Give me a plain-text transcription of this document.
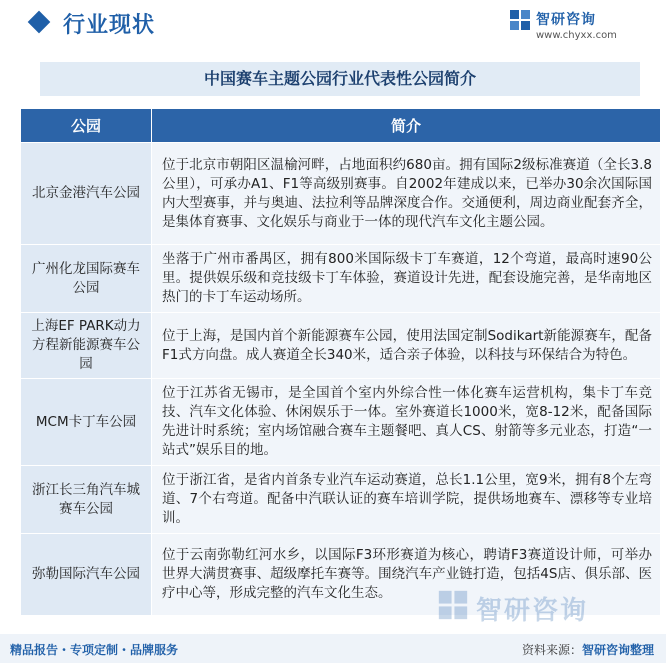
行业现状	智研咨询
www.chyxx.com
中国赛车主题公园行业代表性公园简介
公园	简介
北京金港汽车公园	位于北京市朝阳区温榆河畔，占地面积约680亩。拥有国际2级标准赛道（全长3.8公里），可承办A1、F1等高级别赛事。自2002年建成以来，已举办30余次国际国内大型赛事，并与奥迪、法拉利等品牌深度合作。交通便利，周边商业配套齐全，是集体育赛事、文化娱乐与商业于一体的现代汽车文化主题公园。
广州化龙国际赛车公园	坐落于广州市番禺区，拥有800米国际级卡丁车赛道，12个弯道，最高时速90公里。提供娱乐级和竞技级卡丁车体验，赛道设计先进，配套设施完善，是华南地区热门的卡丁车运动场所。
上海EF PARK动力方程新能源赛车公园	位于上海，是国内首个新能源赛车公园，使用法国定制Sodikart新能源赛车，配备F1式方向盘。成人赛道全长340米，适合亲子体验，以科技与环保结合为特色。
MCM卡丁车公园	位于江苏省无锡市，是全国首个室内外综合性一体化赛车运营机构，集卡丁车竞技、汽车文化体验、休闲娱乐于一体。室外赛道长1000米，宽8-12米，配备国际先进计时系统；室内场馆融合赛车主题餐吧、真人CS、射箭等多元业态，打造“一站式”娱乐目的地。
浙江长三角汽车城赛车公园	位于浙江省，是省内首条专业汽车运动赛道，总长1.1公里，宽9米，拥有8个左弯道、7个右弯道。配备中汽联认证的赛车培训学院，提供场地赛车、漂移等专业培训。
弥勒国际汽车公园	位于云南弥勒红河水乡，以国际F3环形赛道为核心，聘请F3赛道设计师，可举办世界大满贯赛事、超级摩托车赛等。围绕汽车产业链打造，包括4S店、俱乐部、医疗中心等，形成完整的汽车文化生态。
智研咨询
精品报告・专项定制・品牌服务	资料来源：智研咨询整理
